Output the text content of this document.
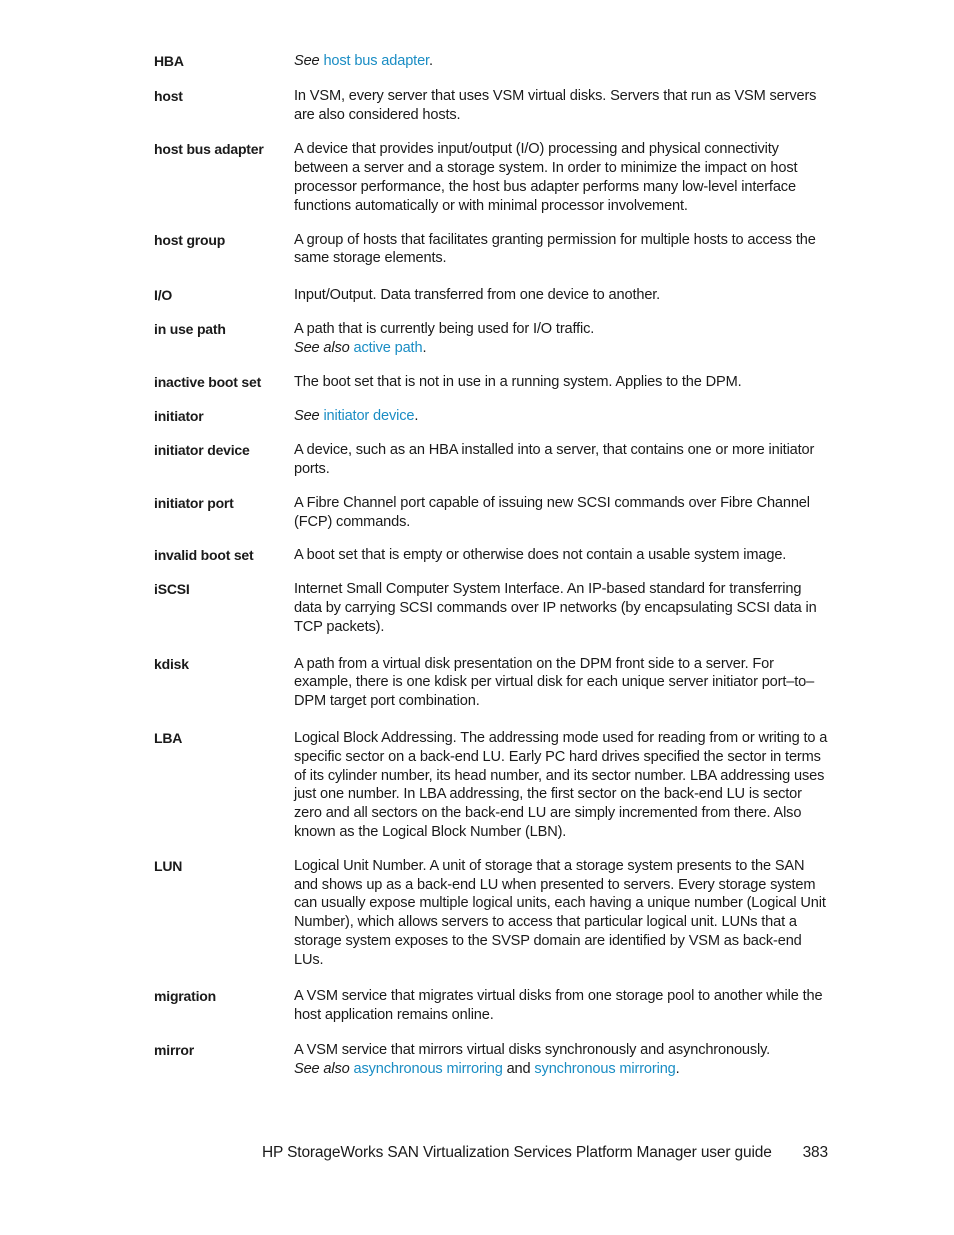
HBA	See host bus adapter.

host	In VSM, every server that uses VSM virtual disks. Servers that run as VSM servers are also considered hosts.
host bus adapter	A device that provides input/output (I/O) processing and physical connectivity between a server and a storage system. In order to minimize the impact on host processor performance, the host bus adapter performs many low-level interface functions automatically or with minimal processor involvement.
host group	A group of hosts that facilitates granting permission for multiple hosts to access the same storage elements.
I/O	Input/Output. Data transferred from one device to another.
in use path	A path that is currently being used for I/O traffic.

See also active path.

inactive boot set	The boot set that is not in use in a running system. Applies to the DPM.
initiator	See initiator device.

initiator device	A device, such as an HBA installed into a server, that contains one or more initiator ports.
initiator port	A Fibre Channel port capable of issuing new SCSI commands over Fibre Channel (FCP) commands.
invalid boot set	A boot set that is empty or otherwise does not contain a usable system image.
iSCSI	Internet Small Computer System Interface. An IP-based standard for transferring data by carrying SCSI commands over IP networks (by encapsulating SCSI data in TCP packets).
kdisk	A path from a virtual disk presentation on the DPM front side to a server. For example, there is one kdisk per virtual disk for each unique server initiator port–to–DPM target port combination.
LBA	Logical Block Addressing. The addressing mode used for reading from or writing to a specific sector on a back-end LU. Early PC hard drives specified the sector in terms of its cylinder number, its head number, and its sector number. LBA addressing uses just one number. In LBA addressing, the first sector on the back-end LU is sector zero and all sectors on the back-end LU are simply incremented from there. Also known as the Logical Block Number (LBN).
LUN	Logical Unit Number. A unit of storage that a storage system presents to the SAN and shows up as a back-end LU when presented to servers. Every storage system can usually expose multiple logical units, each having a unique number (Logical Unit Number), which allows servers to access that particular logical unit. LUNs that a storage system exposes to the SVSP domain are identified by VSM as back-end LUs.
migration	A VSM service that migrates virtual disks from one storage pool to another while the host application remains online.
mirror	A VSM service that mirrors virtual disks synchronously and asynchronously.

See also asynchronous mirroring and synchronous mirroring.

HP StorageWorks SAN Virtualization Services Platform Manager user guide 383
